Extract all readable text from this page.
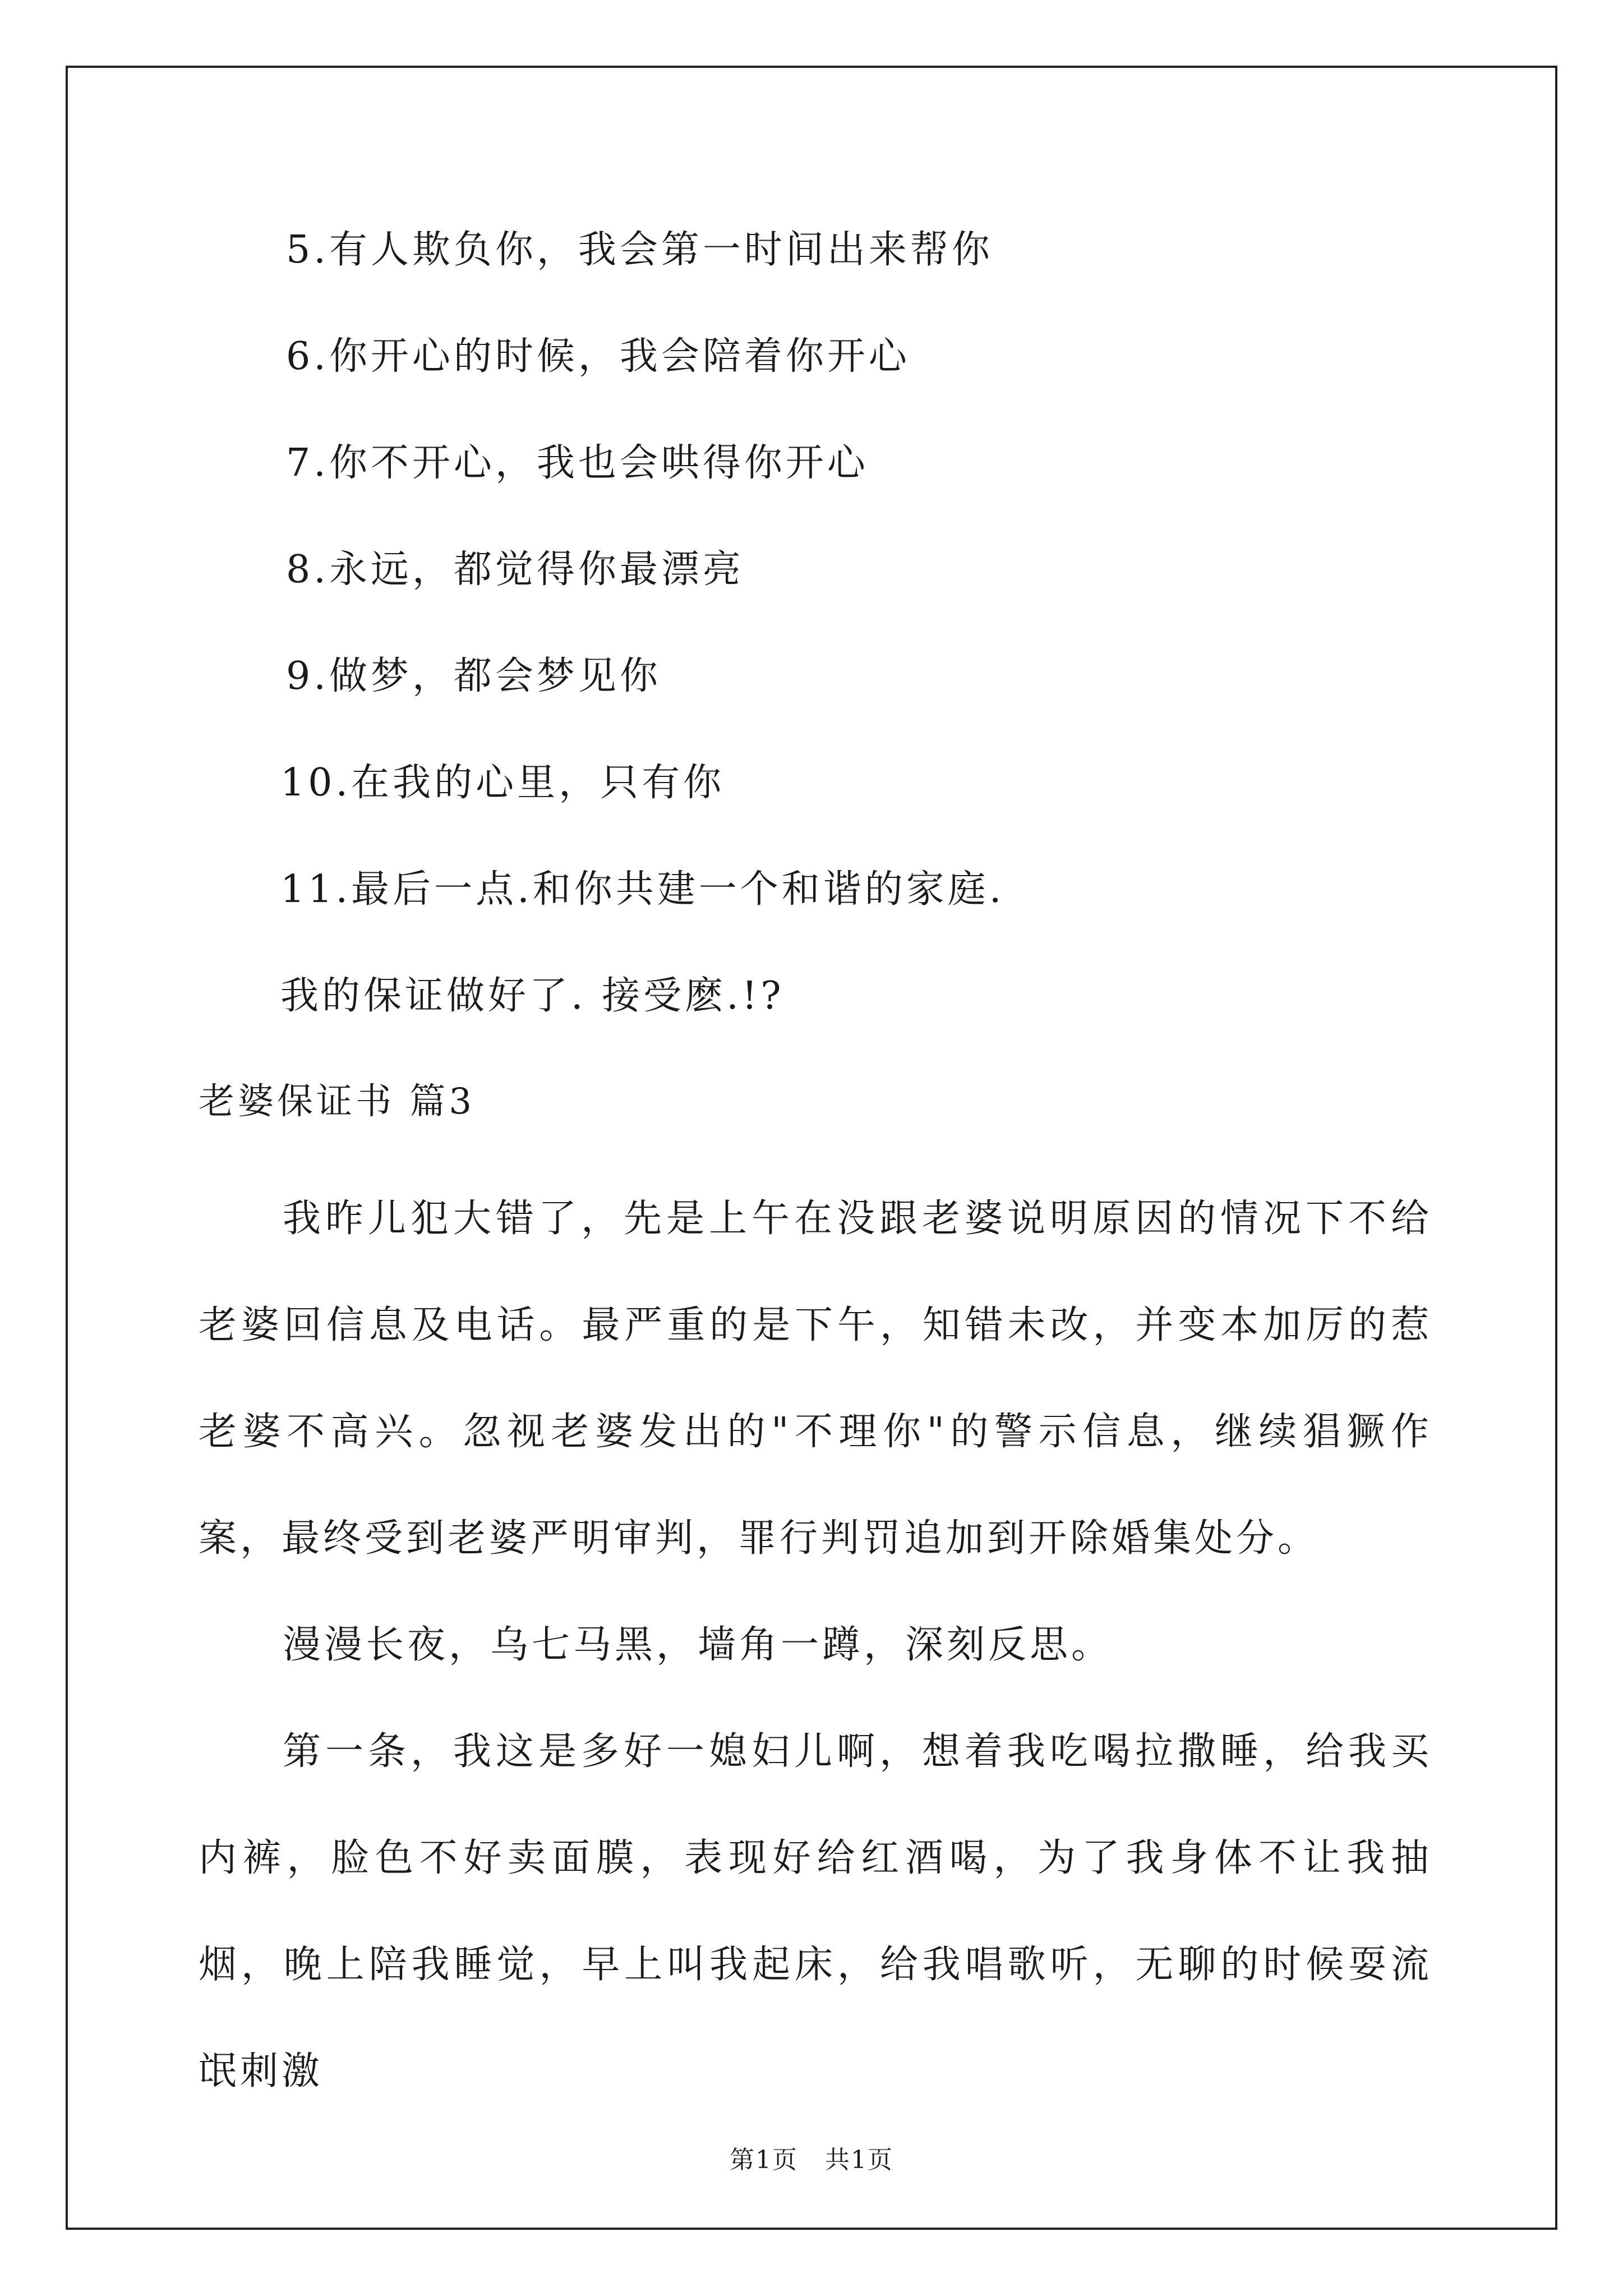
5.有人欺负你，我会第一时间出来帮你
6.你开心的时候，我会陪着你开心
7.你不开心，我也会哄得你开心
8.永远，都觉得你最漂亮
9.做梦，都会梦见你
10.在我的心里，只有你
11.最后一点.和你共建一个和谐的家庭.
我的保证做好了. 接受麽.!?
老婆保证书 篇3
我昨儿犯大错了，先是上午在没跟老婆说明原因的情况下不给老婆回信息及电话。最严重的是下午，知错未改，并变本加厉的惹老婆不高兴。忽视老婆发出的"不理你"的警示信息，继续猖獗作案，最终受到老婆严明审判，罪行判罚追加到开除婚集处分。
漫漫长夜，乌七马黑，墙角一蹲，深刻反思。
第一条，我这是多好一媳妇儿啊，想着我吃喝拉撒睡，给我买内裤，脸色不好卖面膜，表现好给红酒喝，为了我身体不让我抽烟，晚上陪我睡觉，早上叫我起床，给我唱歌听，无聊的时候耍流氓刺激
第1页   共1页
